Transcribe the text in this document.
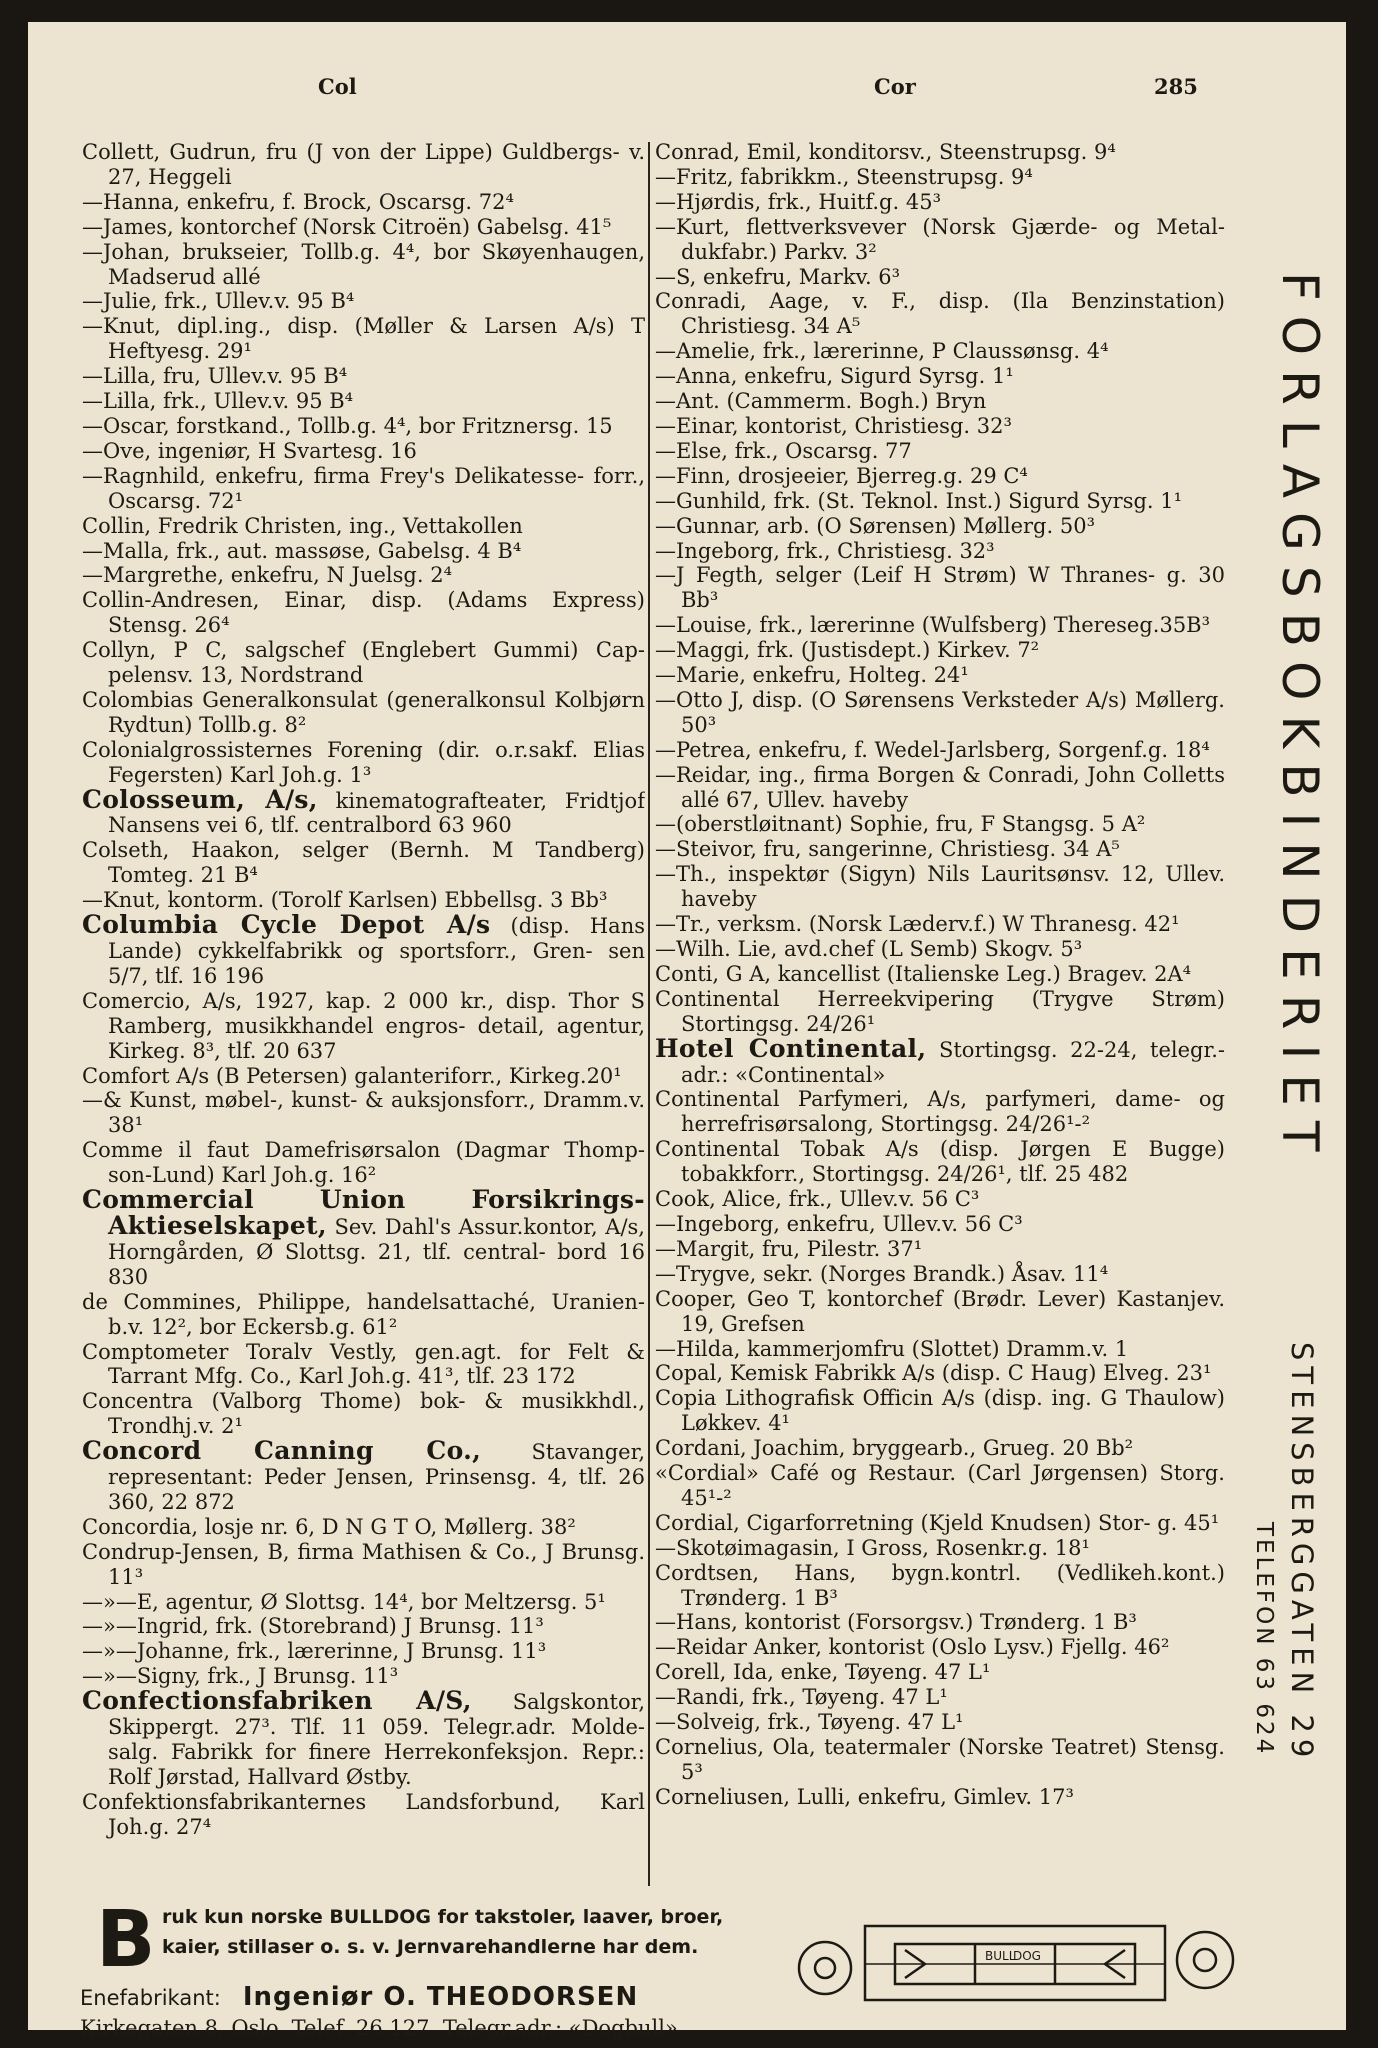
Col	Cor	285

Collett, Gudrun, fru (J von der Lippe) Guldbergs- v. 27, Heggeli

—Hanna, enkefru, f. Brock, Oscarsg. 72⁴

—James, kontorchef (Norsk Citroën) Gabelsg. 41⁵

—Johan, brukseier, Tollb.g. 4⁴, bor Skøyenhaugen, Madserud allé

—Julie, frk., Ullev.v. 95 B⁴

—Knut, dipl.ing., disp. (Møller & Larsen A/s) T Heftyesg. 29¹

—Lilla, fru, Ullev.v. 95 B⁴

—Lilla, frk., Ullev.v. 95 B⁴

—Oscar, forstkand., Tollb.g. 4⁴, bor Fritznersg. 15

—Ove, ingeniør, H Svartesg. 16

—Ragnhild, enkefru, firma Frey's Delikatesse- forr., Oscarsg. 72¹

Collin, Fredrik Christen, ing., Vettakollen

—Malla, frk., aut. massøse, Gabelsg. 4 B⁴

—Margrethe, enkefru, N Juelsg. 2⁴

Collin-Andresen, Einar, disp. (Adams Express) Stensg. 26⁴

Collyn, P C, salgschef (Englebert Gummi) Cap- pelensv. 13, Nordstrand

Colombias Generalkonsulat (generalkonsul Kolbjørn Rydtun) Tollb.g. 8²

Colonialgrossisternes Forening (dir. o.r.sakf. Elias Fegersten) Karl Joh.g. 1³

Colosseum, A/s, kinematografteater, Fridtjof Nansens vei 6, tlf. centralbord 63 960

Colseth, Haakon, selger (Bernh. M Tandberg) Tomteg. 21 B⁴

—Knut, kontorm. (Torolf Karlsen) Ebbellsg. 3 Bb³

Columbia Cycle Depot A/s (disp. Hans Lande) cykkelfabrikk og sportsforr., Gren- sen 5/7, tlf. 16 196

Comercio, A/s, 1927, kap. 2 000 kr., disp. Thor S Ramberg, musikkhandel engros- detail, agentur, Kirkeg. 8³, tlf. 20 637

Comfort A/s (B Petersen) galanteriforr., Kirkeg.20¹

—& Kunst, møbel-, kunst- & auksjonsforr., Dramm.v. 38¹

Comme il faut Damefrisørsalon (Dagmar Thomp- son-Lund) Karl Joh.g. 16²

Commercial Union Forsikrings- Aktieselskapet, Sev. Dahl's Assur.kontor, A/s, Horngården, Ø Slottsg. 21, tlf. central- bord 16 830

de Commines, Philippe, handelsattaché, Uranien- b.v. 12², bor Eckersb.g. 61²

Comptometer Toralv Vestly, gen.agt. for Felt & Tarrant Mfg. Co., Karl Joh.g. 41³, tlf. 23 172

Concentra (Valborg Thome) bok- & musikkhdl., Trondhj.v. 2¹

Concord Canning Co., Stavanger, representant: Peder Jensen, Prinsensg. 4, tlf. 26 360, 22 872

Concordia, losje nr. 6, D N G T O, Møllerg. 38²

Condrup-Jensen, B, firma Mathisen & Co., J Brunsg. 11³

—»—E, agentur, Ø Slottsg. 14⁴, bor Meltzersg. 5¹

—»—Ingrid, frk. (Storebrand) J Brunsg. 11³

—»—Johanne, frk., lærerinne, J Brunsg. 11³

—»—Signy, frk., J Brunsg. 11³

Confectionsfabriken A/S, Salgskontor, Skippergt. 27³. Tlf. 11 059. Telegr.adr. Molde- salg. Fabrikk for finere Herrekonfeksjon. Repr.: Rolf Jørstad, Hallvard Østby.

Confektionsfabrikanternes Landsforbund, Karl Joh.g. 27⁴

Conrad, Emil, konditorsv., Steenstrupsg. 9⁴

—Fritz, fabrikkm., Steenstrupsg. 9⁴

—Hjørdis, frk., Huitf.g. 45³

—Kurt, flettverksvever (Norsk Gjærde- og Metal- dukfabr.) Parkv. 3²

—S, enkefru, Markv. 6³

Conradi, Aage, v. F., disp. (Ila Benzinstation) Christiesg. 34 A⁵

—Amelie, frk., lærerinne, P Claussønsg. 4⁴

—Anna, enkefru, Sigurd Syrsg. 1¹

—Ant. (Cammerm. Bogh.) Bryn

—Einar, kontorist, Christiesg. 32³

—Else, frk., Oscarsg. 77

—Finn, drosjeeier, Bjerreg.g. 29 C⁴

—Gunhild, frk. (St. Teknol. Inst.) Sigurd Syrsg. 1¹

—Gunnar, arb. (O Sørensen) Møllerg. 50³

—Ingeborg, frk., Christiesg. 32³

—J Fegth, selger (Leif H Strøm) W Thranes- g. 30 Bb³

—Louise, frk., lærerinne (Wulfsberg) Thereseg.35B³

—Maggi, frk. (Justisdept.) Kirkev. 7²

—Marie, enkefru, Holteg. 24¹

—Otto J, disp. (O Sørensens Verksteder A/s) Møllerg. 50³

—Petrea, enkefru, f. Wedel-Jarlsberg, Sorgenf.g. 18⁴

—Reidar, ing., firma Borgen & Conradi, John Colletts allé 67, Ullev. haveby

—(oberstløitnant) Sophie, fru, F Stangsg. 5 A²

—Steivor, fru, sangerinne, Christiesg. 34 A⁵

—Th., inspektør (Sigyn) Nils Lauritsønsv. 12, Ullev. haveby

—Tr., verksm. (Norsk Læderv.f.) W Thranesg. 42¹

—Wilh. Lie, avd.chef (L Semb) Skogv. 5³

Conti, G A, kancellist (Italienske Leg.) Bragev. 2A⁴

Continental Herreekvipering (Trygve Strøm) Stortingsg. 24/26¹

Hotel Continental, Stortingsg. 22-24, telegr.- adr.: «Continental»

Continental Parfymeri, A/s, parfymeri, dame- og herrefrisørsalong, Stortingsg. 24/26¹-²

Continental Tobak A/s (disp. Jørgen E Bugge) tobakkforr., Stortingsg. 24/26¹, tlf. 25 482

Cook, Alice, frk., Ullev.v. 56 C³

—Ingeborg, enkefru, Ullev.v. 56 C³

—Margit, fru, Pilestr. 37¹

—Trygve, sekr. (Norges Brandk.) Åsav. 11⁴

Cooper, Geo T, kontorchef (Brødr. Lever) Kastanjev. 19, Grefsen

—Hilda, kammerjomfru (Slottet) Dramm.v. 1

Copal, Kemisk Fabrikk A/s (disp. C Haug) Elveg. 23¹

Copia Lithografisk Officin A/s (disp. ing. G Thaulow) Løkkev. 4¹

Cordani, Joachim, bryggearb., Grueg. 20 Bb²

«Cordial» Café og Restaur. (Carl Jørgensen) Storg. 45¹-²

Cordial, Cigarforretning (Kjeld Knudsen) Stor- g. 45¹

—Skotøimagasin, I Gross, Rosenkr.g. 18¹

Cordtsen, Hans, bygn.kontrl. (Vedlikeh.kont.) Trønderg. 1 B³

—Hans, kontorist (Forsorgsv.) Trønderg. 1 B³

—Reidar Anker, kontorist (Oslo Lysv.) Fjellg. 46²

Corell, Ida, enke, Tøyeng. 47 L¹

—Randi, frk., Tøyeng. 47 L¹

—Solveig, frk., Tøyeng. 47 L¹

Cornelius, Ola, teatermaler (Norske Teatret) Stensg. 5³

Corneliusen, Lulli, enkefru, Gimlev. 17³

FORLAGSBOKBINDERIET
STENSBERGGATEN 29
TELEFON 63 624
B ruk kun norske BULLDOG for takstoler, laaver, broer,
kaier, stillaser o. s. v. Jernvarehandlerne har dem.
Enefabrikant: Ingeniør O. THEODORSEN
Kirkegaten 8, Oslo. Telef. 26 127. Telegr.adr.: «Dogbull»
BULL
DOG
